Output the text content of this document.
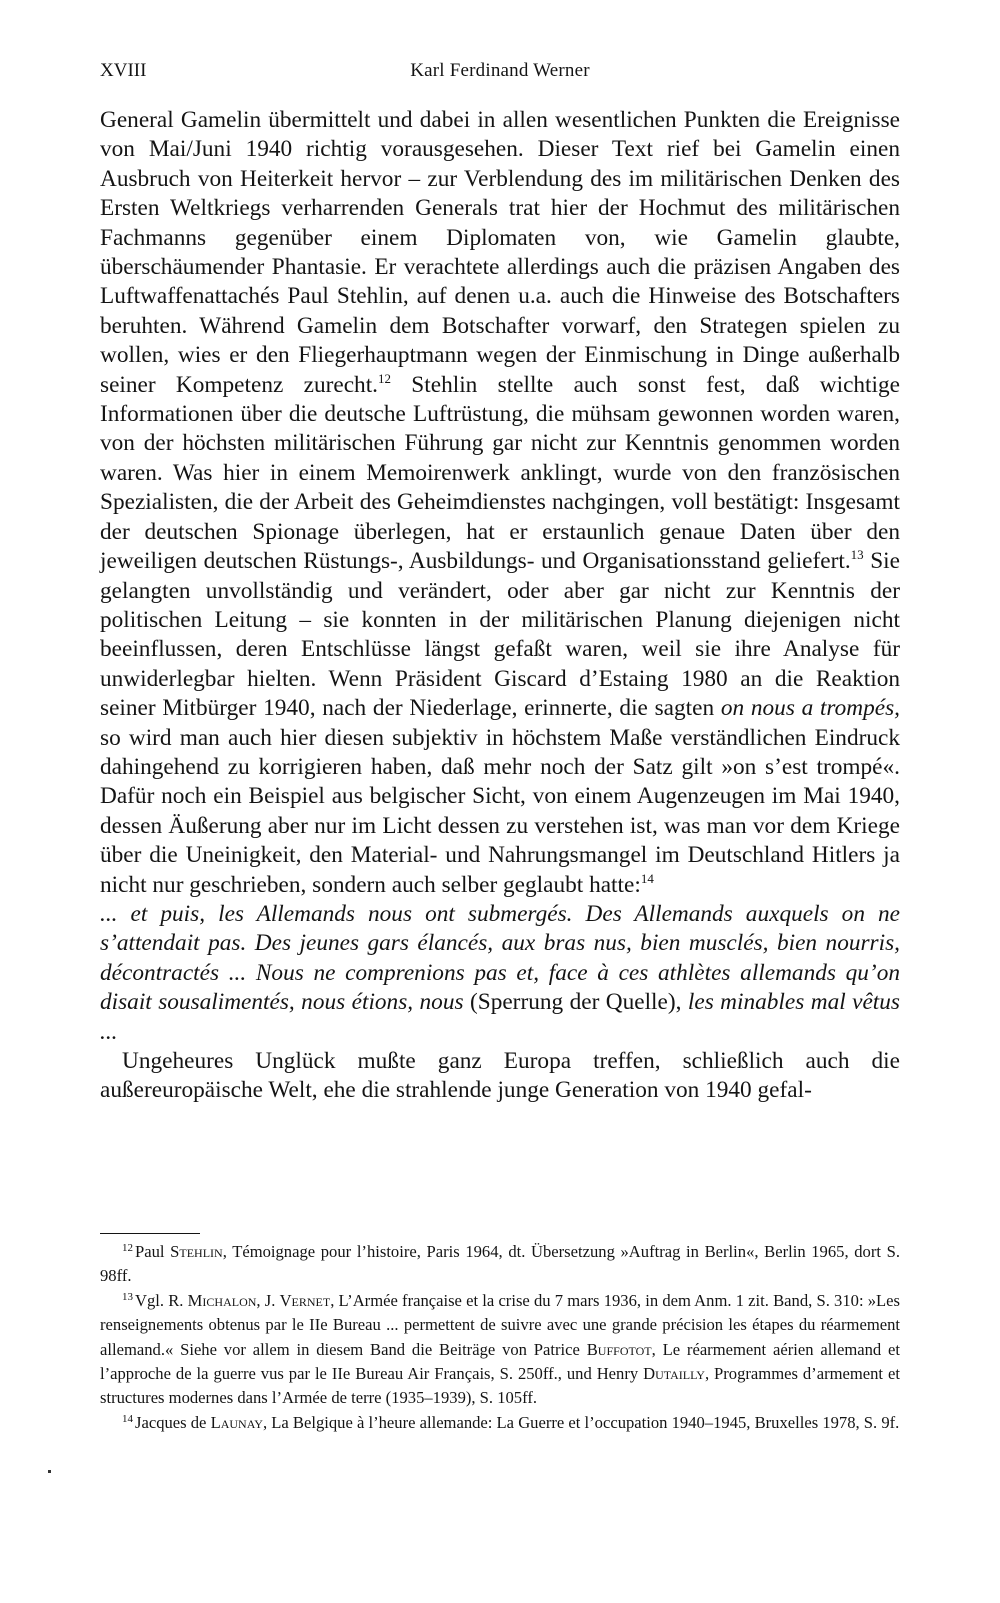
XVIII	Karl Ferdinand Werner

General Gamelin übermittelt und dabei in allen wesentlichen Punkten die Ereignisse von Mai/Juni 1940 richtig vorausgesehen. Dieser Text rief bei Gamelin einen Ausbruch von Heiterkeit hervor – zur Verblendung des im militärischen Denken des Ersten Weltkriegs verharrenden Generals trat hier der Hochmut des militärischen Fachmanns gegenüber einem Diplomaten von, wie Gamelin glaubte, überschäumender Phantasie. Er verachtete allerdings auch die präzisen Angaben des Luftwaffenattachés Paul Stehlin, auf denen u.a. auch die Hinweise des Botschafters beruhten. Während Gamelin dem Botschafter vorwarf, den Strategen spielen zu wollen, wies er den Fliegerhauptmann wegen der Einmischung in Dinge außerhalb seiner Kompetenz zurecht.$^{12}$ Stehlin stellte auch sonst fest, daß wichtige Informationen über die deutsche Luftrüstung, die mühsam gewonnen worden waren, von der höchsten militärischen Führung gar nicht zur Kenntnis genommen worden waren. Was hier in einem Memoirenwerk anklingt, wurde von den französischen Spezialisten, die der Arbeit des Geheimdienstes nachgingen, voll bestätigt: Insgesamt der deutschen Spionage überlegen, hat er erstaunlich genaue Daten über den jeweiligen deutschen Rüstungs-, Ausbildungs- und Organisationsstand geliefert.$^{13}$ Sie gelangten unvollständig und verändert, oder aber gar nicht zur Kenntnis der politischen Leitung – sie konnten in der militärischen Planung diejenigen nicht beeinflussen, deren Entschlüsse längst gefaßt waren, weil sie ihre Analyse für unwiderlegbar hielten. Wenn Präsident Giscard d’Estaing 1980 an die Reaktion seiner Mitbürger 1940, nach der Niederlage, erinnerte, die sagten on nous a trompés, so wird man auch hier diesen subjektiv in höchstem Maße verständlichen Eindruck dahingehend zu korrigieren haben, daß mehr noch der Satz gilt »on s’est trompé«. Dafür noch ein Beispiel aus belgischer Sicht, von einem Augenzeugen im Mai 1940, dessen Äußerung aber nur im Licht dessen zu verstehen ist, was man vor dem Kriege über die Uneinigkeit, den Material- und Nahrungsmangel im Deutschland Hitlers ja nicht nur geschrieben, sondern auch selber geglaubt hatte:$^{14}$

... et puis, les Allemands nous ont submergés. Des Allemands auxquels on ne s’attendait pas. Des jeunes gars élancés, aux bras nus, bien musclés, bien nourris, décontractés ... Nous ne comprenions pas et, face à ces athlètes allemands qu’on disait sousalimentés, nous étions, nous (Sperrung der Quelle), les minables mal vêtus ...

Ungeheures Unglück mußte ganz Europa treffen, schließlich auch die außereuropäische Welt, ehe die strahlende junge Generation von 1940 gefal-

$^{12}$ Paul Stehlin, Témoignage pour l’histoire, Paris 1964, dt. Übersetzung »Auftrag in Berlin«, Berlin 1965, dort S. 98ff.

$^{13}$ Vgl. R. Michalon, J. Vernet, L’Armée française et la crise du 7 mars 1936, in dem Anm. 1 zit. Band, S. 310: »Les renseignements obtenus par le IIe Bureau ... permettent de suivre avec une grande précision les étapes du réarmement allemand.« Siehe vor allem in diesem Band die Beiträge von Patrice Buffotot, Le réarmement aérien allemand et l’approche de la guerre vus par le IIe Bureau Air Français, S. 250ff., und Henry Dutailly, Programmes d’armement et structures modernes dans l’Armée de terre (1935–1939), S. 105ff.

$^{14}$ Jacques de Launay, La Belgique à l’heure allemande: La Guerre et l’occupation 1940–1945, Bruxelles 1978, S. 9f.
